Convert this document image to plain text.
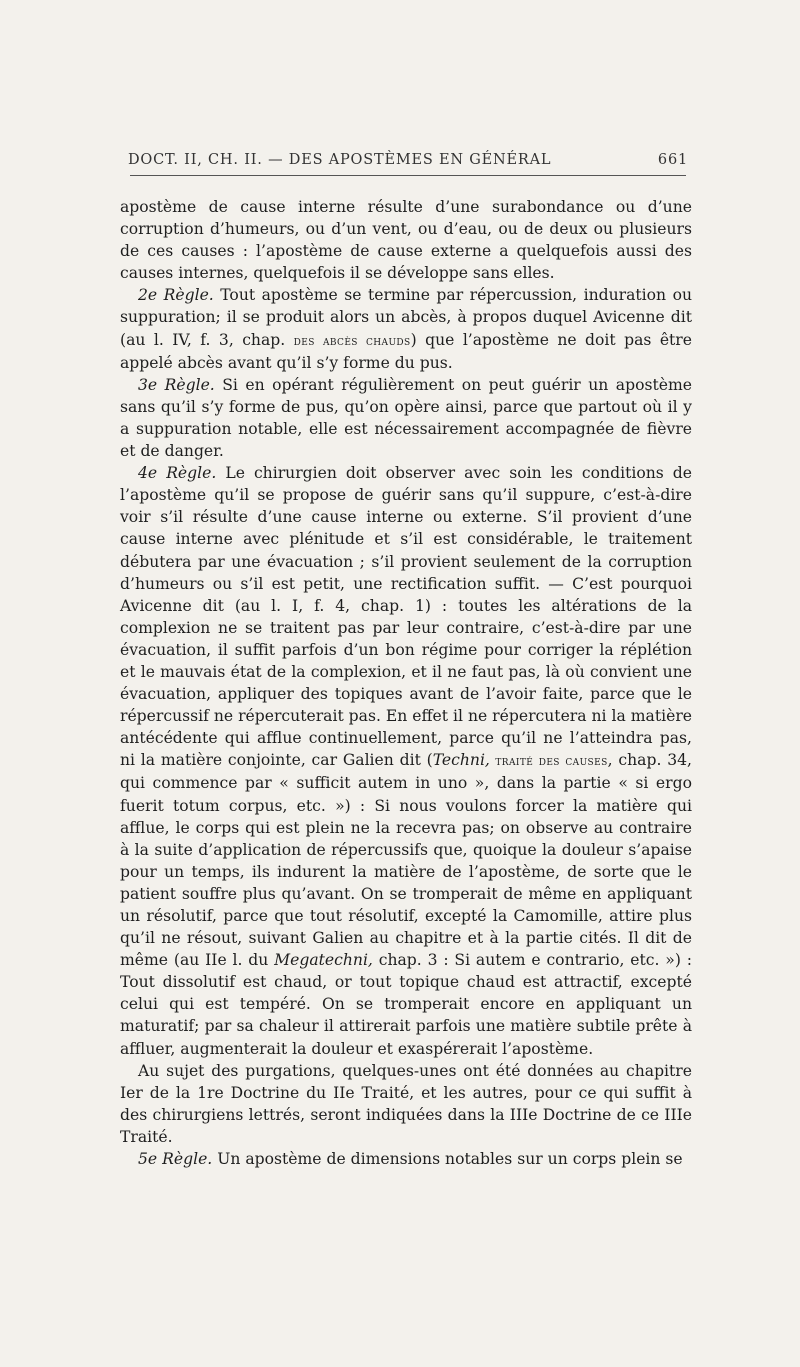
DOCT. II, CH. II. — DES APOSTÈMES EN GÉNÉRAL	661

apostème de cause interne résulte d’une surabondance ou d’une corruption d’humeurs, ou d’un vent, ou d’eau, ou de deux ou plusieurs de ces causes : l’apostème de cause externe a quelquefois aussi des causes internes, quelquefois il se développe sans elles.

2e Règle. Tout apostème se termine par répercussion, induration ou suppuration; il se produit alors un abcès, à propos duquel Avicenne dit (au l. IV, f. 3, chap. des abcès chauds) que l’apostème ne doit pas être appelé abcès avant qu’il s’y forme du pus.

3e Règle. Si en opérant régulièrement on peut guérir un apostème sans qu’il s’y forme de pus, qu’on opère ainsi, parce que partout où il y a suppuration notable, elle est nécessairement accompagnée de fièvre et de danger.

4e Règle. Le chirurgien doit observer avec soin les conditions de l’apostème qu’il se propose de guérir sans qu’il suppure, c’est-à-dire voir s’il résulte d’une cause interne ou externe. S’il provient d’une cause interne avec plénitude et s’il est considérable, le traitement débutera par une évacuation ; s’il provient seulement de la corruption d’humeurs ou s’il est petit, une rectification suffit. — C’est pourquoi Avicenne dit (au l. I, f. 4, chap. 1) : toutes les altérations de la complexion ne se traitent pas par leur contraire, c’est-à-dire par une évacuation, il suffit parfois d’un bon régime pour corriger la réplétion et le mauvais état de la complexion, et il ne faut pas, là où convient une évacuation, appliquer des topiques avant de l’avoir faite, parce que le répercussif ne répercuterait pas. En effet il ne répercutera ni la matière antécédente qui afflue continuellement, parce qu’il ne l’atteindra pas, ni la matière conjointe, car Galien dit (Techni, traité des causes, chap. 34, qui commence par « sufficit autem in uno », dans la partie « si ergo fuerit totum corpus, etc. ») : Si nous voulons forcer la matière qui afflue, le corps qui est plein ne la recevra pas; on observe au contraire à la suite d’application de répercussifs que, quoique la douleur s’apaise pour un temps, ils indurent la matière de l’apostème, de sorte que le patient souffre plus qu’avant. On se tromperait de même en appliquant un résolutif, parce que tout résolutif, excepté la Camomille, attire plus qu’il ne résout, suivant Galien au chapitre et à la partie cités. Il dit de même (au IIe l. du Megatechni, chap. 3 : Si autem e contrario, etc. ») : Tout dissolutif est chaud, or tout topique chaud est attractif, excepté celui qui est tempéré. On se tromperait encore en appliquant un maturatif; par sa chaleur il attirerait parfois une matière subtile prête à affluer, augmenterait la douleur et exaspérerait l’apostème.

Au sujet des purgations, quelques-unes ont été données au chapitre Ier de la 1re Doctrine du IIe Traité, et les autres, pour ce qui suffit à des chirurgiens lettrés, seront indiquées dans la IIIe Doctrine de ce IIIe Traité.

5e Règle. Un apostème de dimensions notables sur un corps plein se
